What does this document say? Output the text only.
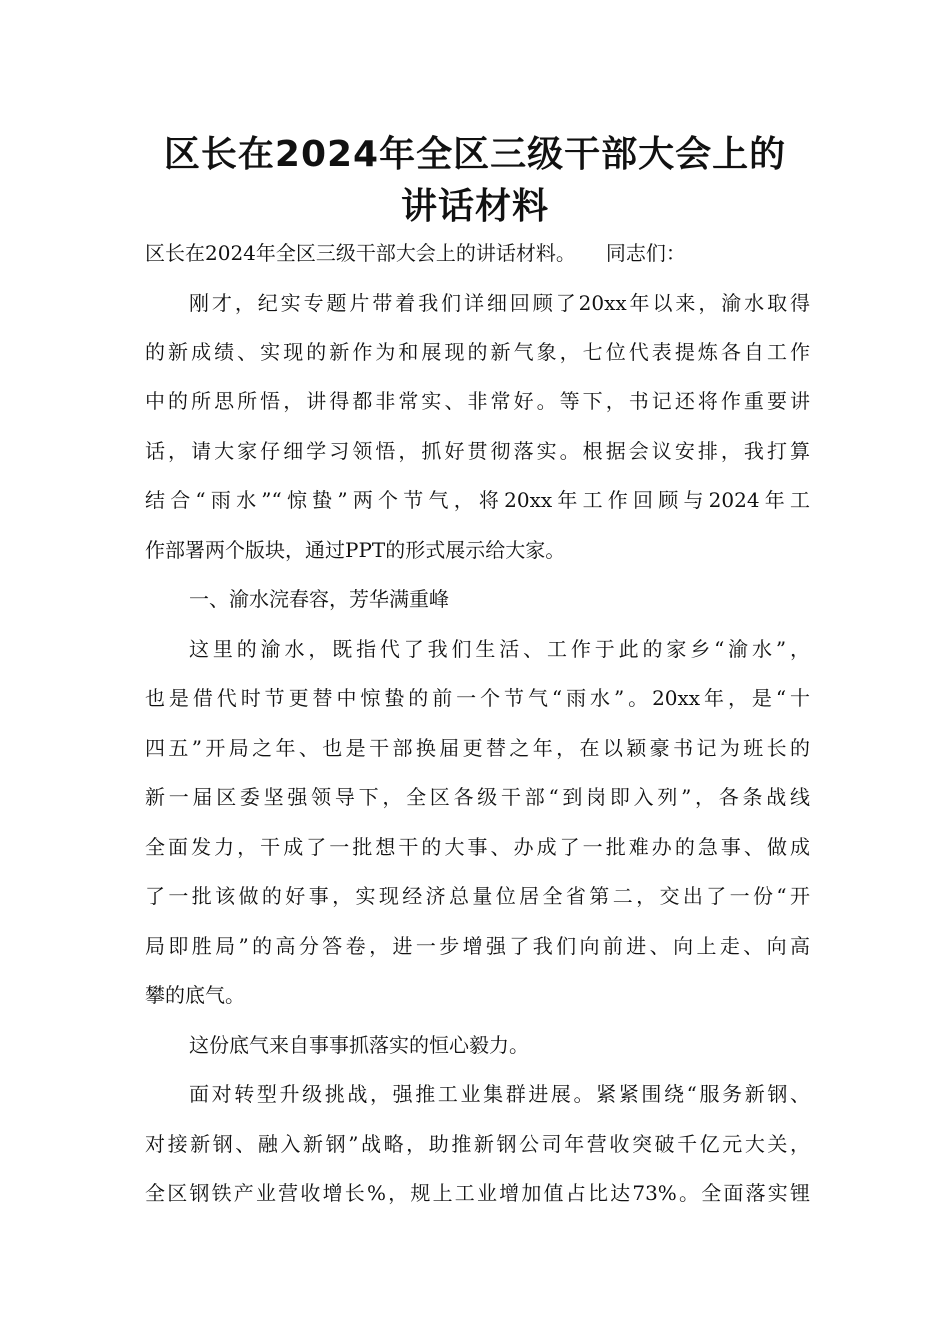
区长在2024年全区三级干部大会上的
讲话材料
区长在2024年全区三级干部大会上的讲话材料。　　同志们：
刚才，纪实专题片带着我们详细回顾了20xx年以来，渝水取得
的新成绩、实现的新作为和展现的新气象，七位代表提炼各自工作
中的所思所悟，讲得都非常实、非常好。等下，书记还将作重要讲
话，请大家仔细学习领悟，抓好贯彻落实。根据会议安排，我打算
结合“雨水”“惊蛰”两个节气，将20xx年工作回顾与2024年工
作部署两个版块，通过PPT的形式展示给大家。
一、渝水浣春容，芳华满重峰
这里的渝水，既指代了我们生活、工作于此的家乡“渝水”，
也是借代时节更替中惊蛰的前一个节气“雨水”。20xx年，是“十
四五”开局之年、也是干部换届更替之年，在以颖豪书记为班长的
新一届区委坚强领导下，全区各级干部“到岗即入列”，各条战线
全面发力，干成了一批想干的大事、办成了一批难办的急事、做成
了一批该做的好事，实现经济总量位居全省第二，交出了一份“开
局即胜局”的高分答卷，进一步增强了我们向前进、向上走、向高
攀的底气。
这份底气来自事事抓落实的恒心毅力。
面对转型升级挑战，强推工业集群进展。紧紧围绕“服务新钢、
对接新钢、融入新钢”战略，助推新钢公司年营收突破千亿元大关，
全区钢铁产业营收增长%，规上工业增加值占比达73%。全面落实锂
